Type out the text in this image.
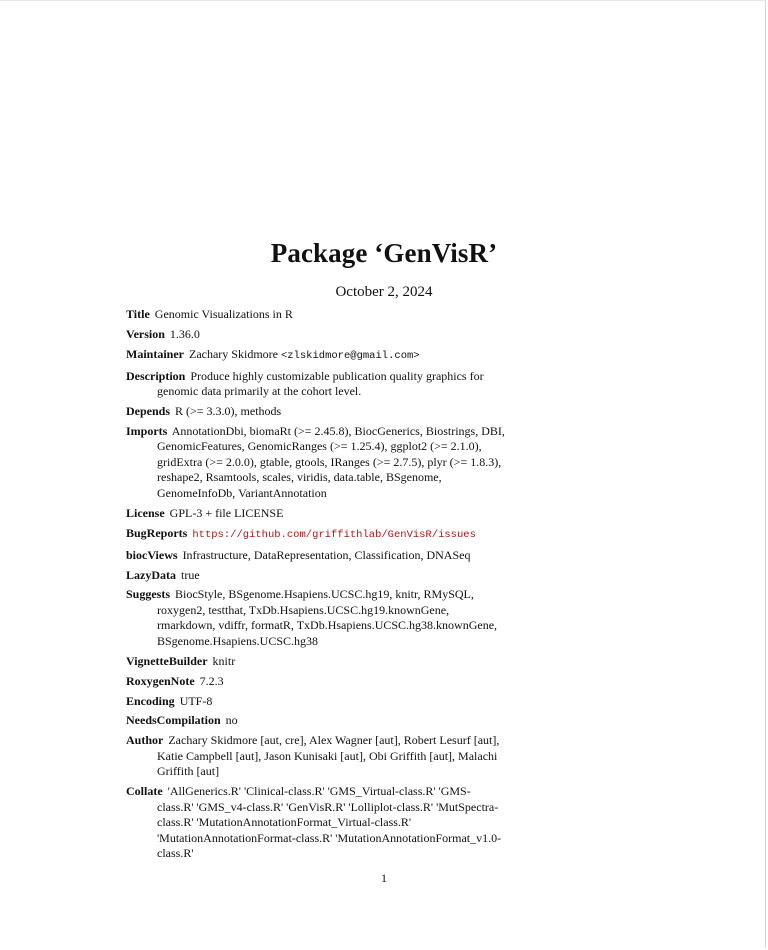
Package ‘GenVisR’
October 2, 2024
Title Genomic Visualizations in R
Version 1.36.0
Maintainer Zachary Skidmore <zlskidmore@gmail.com>
Description Produce highly customizable publication quality graphics for genomic data primarily at the cohort level.
Depends R (>= 3.3.0), methods
Imports AnnotationDbi, biomaRt (>= 2.45.8), BiocGenerics, Biostrings, DBI, GenomicFeatures, GenomicRanges (>= 1.25.4), ggplot2 (>= 2.1.0), gridExtra (>= 2.0.0), gtable, gtools, IRanges (>= 2.7.5), plyr (>= 1.8.3), reshape2, Rsamtools, scales, viridis, data.table, BSgenome, GenomeInfoDb, VariantAnnotation
License GPL-3 + file LICENSE
BugReports https://github.com/griffithlab/GenVisR/issues
biocViews Infrastructure, DataRepresentation, Classification, DNASeq
LazyData true
Suggests BiocStyle, BSgenome.Hsapiens.UCSC.hg19, knitr, RMySQL, roxygen2, testthat, TxDb.Hsapiens.UCSC.hg19.knownGene, rmarkdown, vdiffr, formatR, TxDb.Hsapiens.UCSC.hg38.knownGene, BSgenome.Hsapiens.UCSC.hg38
VignetteBuilder knitr
RoxygenNote 7.2.3
Encoding UTF-8
NeedsCompilation no
Author Zachary Skidmore [aut, cre], Alex Wagner [aut], Robert Lesurf [aut], Katie Campbell [aut], Jason Kunisaki [aut], Obi Griffith [aut], Malachi Griffith [aut]
Collate 'AllGenerics.R' 'Clinical-class.R' 'GMS_Virtual-class.R' 'GMS-class.R' 'GMS_v4-class.R' 'GenVisR.R' 'Lolliplot-class.R' 'MutSpectra-class.R' 'MutationAnnotationFormat_Virtual-class.R' 'MutationAnnotationFormat-class.R' 'MutationAnnotationFormat_v1.0-class.R'
1
